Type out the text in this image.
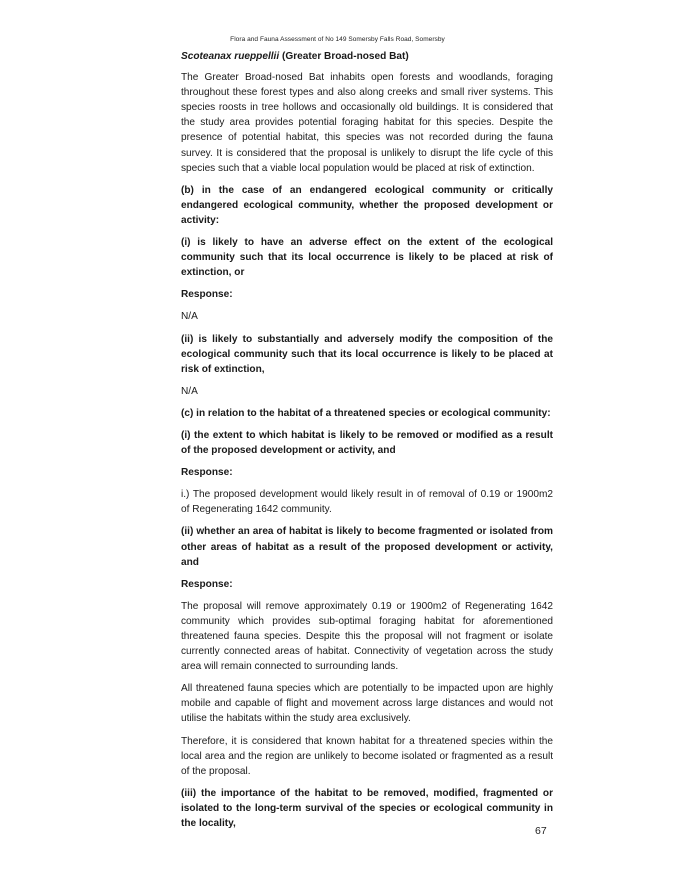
Flora and Fauna Assessment of No 149 Somersby Falls Road, Somersby

Scoteanax rueppellii (Greater Broad-nosed Bat)

The Greater Broad-nosed Bat inhabits open forests and woodlands, foraging throughout these forest types and also along creeks and small river systems. This species roosts in tree hollows and occasionally old buildings. It is considered that the study area provides potential foraging habitat for this species. Despite the presence of potential habitat, this species was not recorded during the fauna survey. It is considered that the proposal is unlikely to disrupt the life cycle of this species such that a viable local population would be placed at risk of extinction.

(b) in the case of an endangered ecological community or critically endangered ecological community, whether the proposed development or activity:

(i) is likely to have an adverse effect on the extent of the ecological community such that its local occurrence is likely to be placed at risk of extinction, or

Response:

N/A

(ii) is likely to substantially and adversely modify the composition of the ecological community such that its local occurrence is likely to be placed at risk of extinction,

N/A

(c) in relation to the habitat of a threatened species or ecological community:

(i) the extent to which habitat is likely to be removed or modified as a result of the proposed development or activity, and

Response:

i.) The proposed development would likely result in of removal of 0.19 or 1900m2 of Regenerating 1642 community.

(ii) whether an area of habitat is likely to become fragmented or isolated from other areas of habitat as a result of the proposed development or activity, and

Response:

The proposal will remove approximately 0.19 or 1900m2 of Regenerating 1642 community which provides sub-optimal foraging habitat for aforementioned threatened fauna species. Despite this the proposal will not fragment or isolate currently connected areas of habitat. Connectivity of vegetation across the study area will remain connected to surrounding lands.

All threatened fauna species which are potentially to be impacted upon are highly mobile and capable of flight and movement across large distances and would not utilise the habitats within the study area exclusively.

Therefore, it is considered that known habitat for a threatened species within the local area and the region are unlikely to become isolated or fragmented as a result of the proposal.

(iii) the importance of the habitat to be removed, modified, fragmented or isolated to the long-term survival of the species or ecological community in the locality,

67
